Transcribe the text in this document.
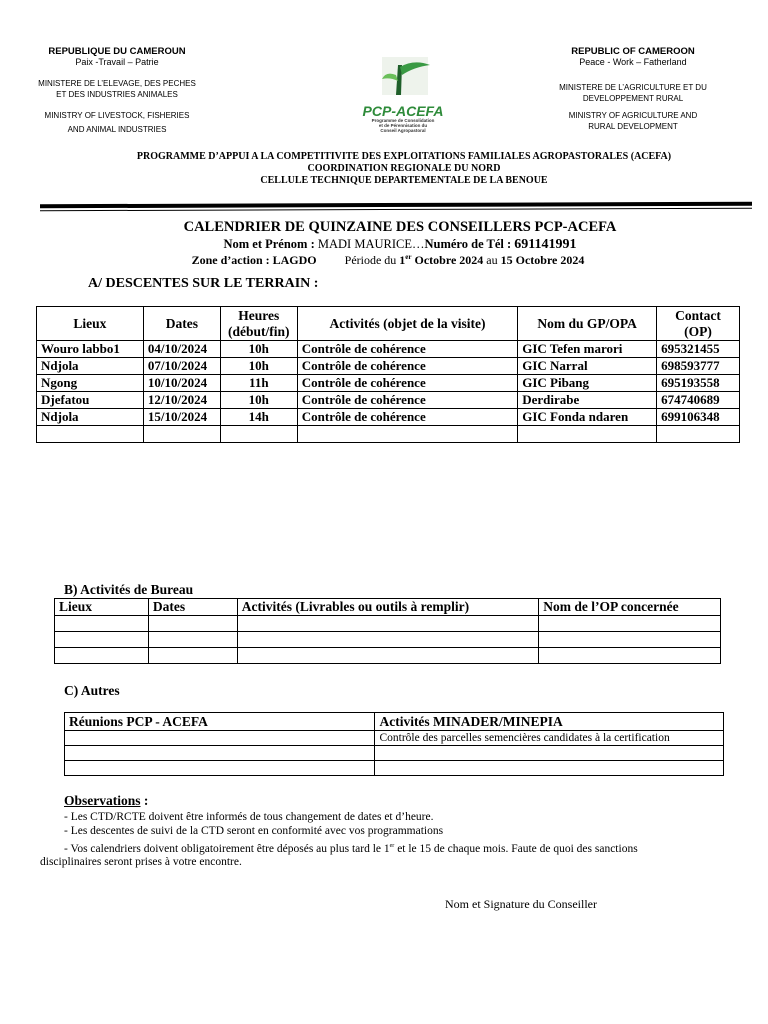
REPUBLIQUE DU CAMEROUN
Paix -Travail – Patrie
MINISTERE DE L’ELEVAGE, DES PECHES
ET DES INDUSTRIES ANIMALES
MINISTRY OF LIVESTOCK, FISHERIES
AND ANIMAL INDUSTRIES
PCP-ACEFA
Programme de Consolidation
et de Pérennisation du
Conseil Agropastoral
REPUBLIC OF CAMEROON
Peace - Work – Fatherland
MINISTERE DE L’AGRICULTURE ET DU
DEVELOPPEMENT RURAL
MINISTRY OF AGRICULTURE AND
RURAL DEVELOPMENT
PROGRAMME D’APPUI A LA COMPETITIVITE DES EXPLOITATIONS FAMILIALES AGROPASTORALES (ACEFA)
COORDINATION REGIONALE DU NORD
CELLULE TECHNIQUE DEPARTEMENTALE DE LA BENOUE
CALENDRIER DE QUINZAINE DES CONSEILLERS PCP-ACEFA
Nom et Prénom : MADI MAURICE…Numéro de Tél : 691141991
Zone d’action : LAGDO Période du 1er Octobre 2024 au 15 Octobre 2024
A/ DESCENTES SUR LE TERRAIN :
Lieux	Dates	Heures (début/fin)	Activités (objet de la visite)	Nom du GP/OPA	Contact (OP)
Wouro labbo1	04/10/2024	10h	Contrôle de cohérence	GIC Tefen marori	695321455
Ndjola	07/10/2024	10h	Contrôle de cohérence	GIC Narral	698593777
Ngong	10/10/2024	11h	Contrôle de cohérence	GIC Pibang	695193558
Djefatou	12/10/2024	10h	Contrôle de cohérence	Derdirabe	674740689
Ndjola	15/10/2024	14h	Contrôle de cohérence	GIC Fonda ndaren	699106348

B) Activités de Bureau
Lieux	Dates	Activités (Livrables ou outils à remplir)	Nom de l’OP concernée

C) Autres
Réunions PCP - ACEFA	Activités MINADER/MINEPIA
	Contrôle des parcelles semencières candidates à la certification

Observations :
- Les CTD/RCTE doivent être informés de tous changement de dates et d’heure.
- Les descentes de suivi de la CTD seront en conformité avec vos programmations
- Vos calendriers doivent obligatoirement être déposés au plus tard le 1er et le 15 de chaque mois. Faute de quoi des sanctions
disciplinaires seront prises à votre encontre.
Nom et Signature du Conseiller
